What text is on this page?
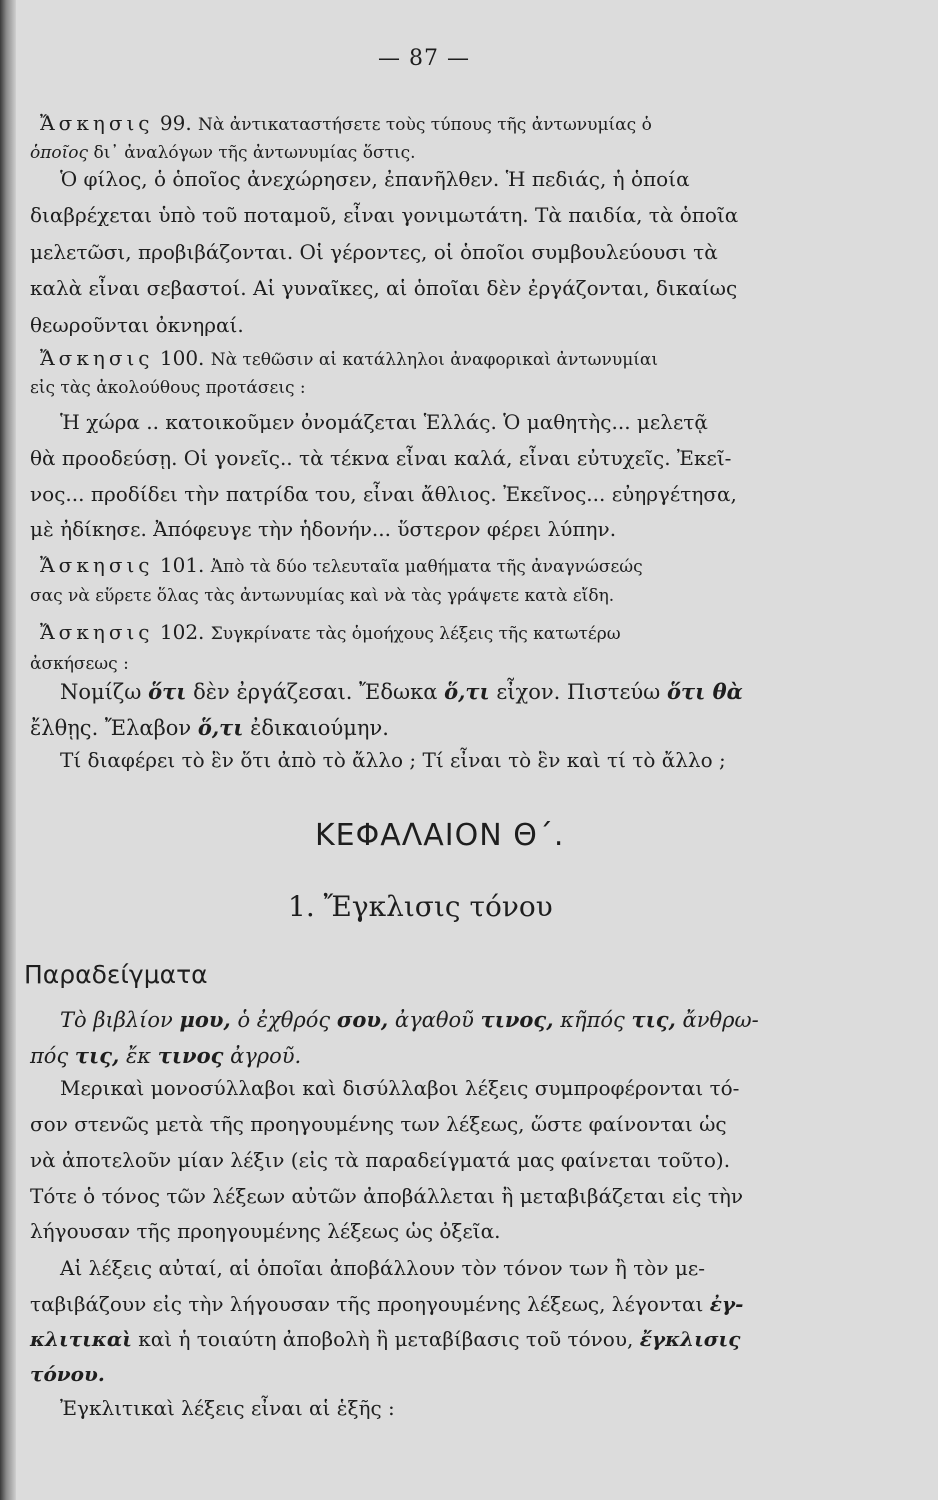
— 87 —
Ἄσκησις 99. Νὰ ἀντικαταστήσετε τοὺς τύπους τῆς ἀντωνυμίας ὁ
ὁποῖος δι᾿ ἀναλόγων τῆς ἀντωνυμίας ὅστις.
Ὁ φίλος, ὁ ὁποῖος ἀνεχώρησεν, ἐπανῆλθεν. Ἡ πεδιάς, ἡ ὁποία
διαβρέχεται ὑπὸ τοῦ ποταμοῦ, εἶναι γονιμωτάτη. Τὰ παιδία, τὰ ὁποῖα
μελετῶσι, προβιβάζονται. Οἱ γέροντες, οἱ ὁποῖοι συμβουλεύουσι τὰ
καλὰ εἶναι σεβαστοί. Αἱ γυναῖκες, αἱ ὁποῖαι δὲν ἐργάζονται, δικαίως
θεωροῦνται ὀκνηραί.
Ἄσκησις 100. Νὰ τεθῶσιν αἱ κατάλληλοι ἀναφορικαὶ ἀντωνυμίαι
εἰς τὰς ἀκολούθους προτάσεις :
Ἡ χώρα .. κατοικοῦμεν ὀνομάζεται Ἑλλάς. Ὁ μαθητὴς... μελετᾷ
θὰ προοδεύσῃ. Οἱ γονεῖς.. τὰ τέκνα εἶναι καλά, εἶναι εὐτυχεῖς. Ἐκεῖ-
νος... προδίδει τὴν πατρίδα του, εἶναι ἄθλιος. Ἐκεῖνος... εὐηργέτησα,
μὲ ἠδίκησε. Ἀπόφευγε τὴν ἡδονήν... ὕστερον φέρει λύπην.
Ἄσκησις 101. Ἀπὸ τὰ δύο τελευταῖα μαθήματα τῆς ἀναγνώσεώς
σας νὰ εὕρετε ὅλας τὰς ἀντωνυμίας καὶ νὰ τὰς γράψετε κατὰ εἴδη.
Ἄσκησις 102. Συγκρίνατε τὰς ὁμοήχους λέξεις τῆς κατωτέρω
ἀσκήσεως :
Νομίζω ὅτι δὲν ἐργάζεσαι. Ἔδωκα ὅ,τι εἶχον. Πιστεύω ὅτι θὰ
ἔλθῃς. Ἔλαβον ὅ,τι ἐδικαιούμην.
Τί διαφέρει τὸ ἓν ὅτι ἀπὸ τὸ ἄλλο ; Τί εἶναι τὸ ἓν καὶ τί τὸ ἄλλο ;
ΚΕΦΑΛΑΙΟΝ Θ΄.
1. Ἔγκλισις τόνου
Παραδείγματα
Τὸ βιβλίον μου, ὁ ἐχθρός σου, ἀγαθοῦ τινος, κῆπός τις, ἄνθρω-
πός τις, ἔκ τινος ἀγροῦ.
Μερικαὶ μονοσύλλαβοι καὶ δισύλλαβοι λέξεις συμπροφέρονται τό-
σον στενῶς μετὰ τῆς προηγουμένης των λέξεως, ὥστε φαίνονται ὡς
νὰ ἀποτελοῦν μίαν λέξιν (εἰς τὰ παραδείγματά μας φαίνεται τοῦτο).
Τότε ὁ τόνος τῶν λέξεων αὐτῶν ἀποβάλλεται ἢ μεταβιβάζεται εἰς τὴν
λήγουσαν τῆς προηγουμένης λέξεως ὡς ὀξεῖα.
Αἱ λέξεις αὐταί, αἱ ὁποῖαι ἀποβάλλουν τὸν τόνον των ἢ τὸν με-
ταβιβάζουν εἰς τὴν λήγουσαν τῆς προηγουμένης λέξεως, λέγονται ἐγ-
κλιτικαὶ καὶ ἡ τοιαύτη ἀποβολὴ ἢ μεταβίβασις τοῦ τόνου, ἔγκλισις
τόνου.
Ἐγκλιτικαὶ λέξεις εἶναι αἱ ἑξῆς :
